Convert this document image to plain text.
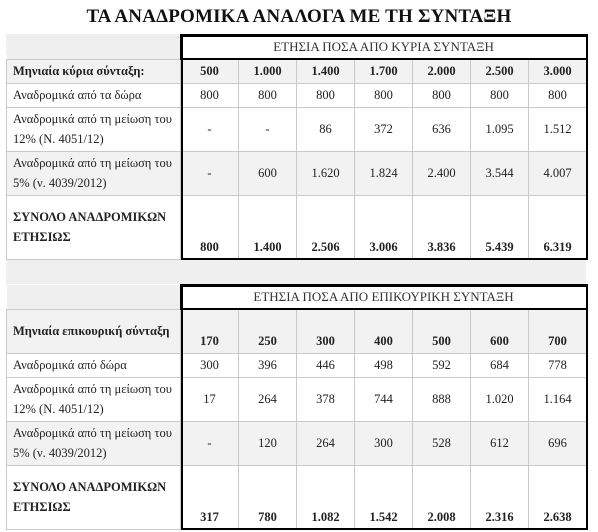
ΤΑ ΑΝΑΔΡΟΜΙΚΑ ΑΝΑΛΟΓΑ ΜΕ ΤΗ ΣΥΝΤΑΞΗ
	ΕΤΗΣΙΑ ΠΟΣΑ ΑΠΟ ΚΥΡΙΑ ΣΥΝΤΑΞΗ						
Μηνιαία κύρια σύνταξη:	500	1.000	1.400	1.700	2.000	2.500	3.000
Αναδρομικά από τα δώρα	800	800	800	800	800	800	800
Αναδρομικά από τη μείωση του 12% (Ν. 4051/12)	-	-	86	372	636	1.095	1.512
Αναδρομικά από τη μείωση του 5% (ν. 4039/2012)	-	600	1.620	1.824	2.400	3.544	4.007
ΣΥΝΟΛΟ ΑΝΑΔΡΟΜΙΚΩΝ ΕΤΗΣΙΩΣ	800	1.400	2.506	3.006	3.836	5.439	6.319
	ΕΤΗΣΙΑ ΠΟΣΑ ΑΠΟ ΕΠΙΚΟΥΡΙΚΗ ΣΥΝΤΑΞΗ						
Μηνιαία επικουρική σύνταξη	170	250	300	400	500	600	700
Αναδρομικά από δώρα	300	396	446	498	592	684	778
Αναδρομικά από τη μείωση του 12% (Ν. 4051/12)	17	264	378	744	888	1.020	1.164
Αναδρομικά από τη μείωση του 5% (ν. 4039/2012)	-	120	264	300	528	612	696
ΣΥΝΟΛΟ ΑΝΑΔΡΟΜΙΚΩΝ ΕΤΗΣΙΩΣ	317	780	1.082	1.542	2.008	2.316	2.638
